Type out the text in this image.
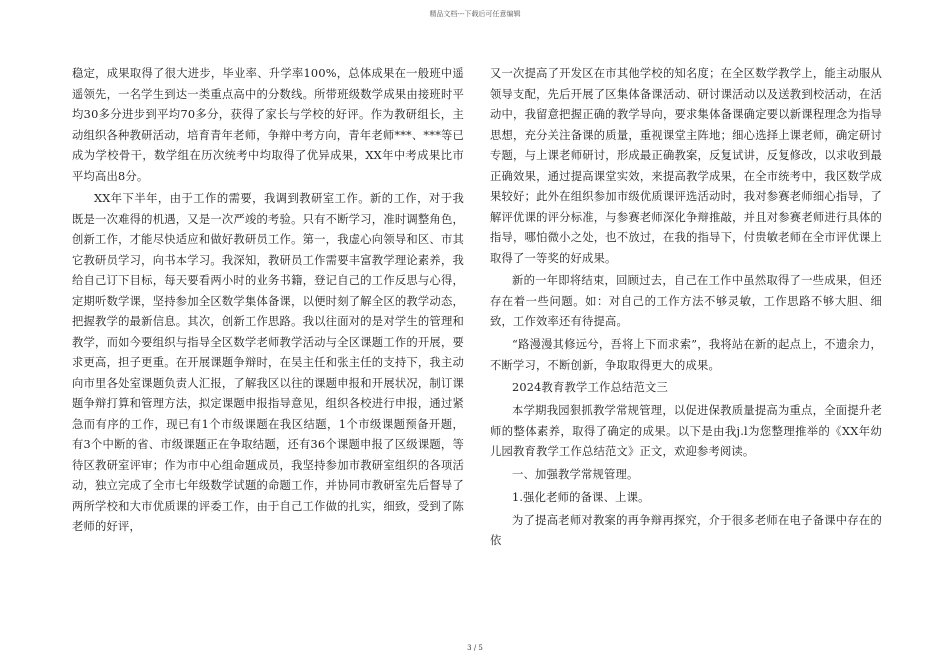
精品文档---下载后可任意编辑

稳定，成果取得了很大进步，毕业率、升学率100%，总体成果在一般班中遥遥领先，一名学生到达一类重点高中的分数线。所带班级数学成果由接班时平均30多分进步到平均70多分，获得了家长与学校的好评。作为教研组长，主动组织各种教研活动，培育青年老师，争辩中考方向，青年老师***、***等已成为学校骨干，数学组在历次统考中均取得了优异成果，XX年中考成果比市平均高出8分。

XX年下半年，由于工作的需要，我调到教研室工作。新的工作，对于我既是一次难得的机遇，又是一次严竣的考验。只有不断学习，准时调整角色，创新工作，才能尽快适应和做好教研员工作。第一，我虚心向领导和区、市其它教研员学习，向书本学习。我深知，教研员工作需要丰富教学理论素养，我给自己订下目标，每天要看两小时的业务书籍，登记自己的工作反思与心得，定期听数学课，坚持参加全区数学集体备课，以便时刻了解全区的教学动态，把握教学的最新信息。其次，创新工作思路。我以往面对的是对学生的管理和教学，而如今要组织与指导全区数学老师教学活动与全区课题工作的开展，要求更高，担子更重。在开展课题争辩时，在吴主任和张主任的支持下，我主动向市里各处室课题负责人汇报，了解我区以往的课题申报和开展状况，制订课题争辩打算和管理方法，拟定课题申报指导意见，组织各校进行申报，通过紧急而有序的工作，现已有1个市级课题在我区结题，1个市级课题预备开题，有3个中断的省、市级课题正在争取结题，还有36个课题申报了区级课题，等待区教研室评审；作为市中心组命题成员，我坚持参加市教研室组织的各项活动，独立完成了全市七年级数学试题的命题工作，并协同市教研室先后督导了两所学校和大市优质课的评委工作，由于自己工作做的扎实，细致，受到了陈老师的好评，

又一次提高了开发区在市其他学校的知名度；在全区数学教学上，能主动服从领导支配，先后开展了区集体备课活动、研讨课活动以及送教到校活动，在活动中，我留意把握正确的教学导向，要求集体备课确定要以新课程理念为指导思想，充分关注备课的质量，重视课堂主阵地；细心选择上课老师，确定研讨专题，与上课老师研讨，形成最正确教案，反复试讲，反复修改，以求收到最正确效果，通过提高课堂实效，来提高教学成果，在全市统考中，我区数学成果较好；此外在组织参加市级优质课评选活动时，我对参赛老师细心指导，了解评优课的评分标准，与参赛老师深化争辩推敲，并且对参赛老师进行具体的指导，哪怕微小之处，也不放过，在我的指导下，付贵敏老师在全市评优课上取得了一等奖的好成果。

新的一年即将结束，回顾过去，自己在工作中虽然取得了一些成果，但还存在着一些问题。如：对自己的工作方法不够灵敏，工作思路不够大胆、细致，工作效率还有待提高。

“路漫漫其修远兮，吾将上下而求索”，我将站在新的起点上，不遗余力，不断学习，不断创新，争取取得更大的成果。

2024教育教学工作总结范文三

本学期我园狠抓教学常规管理，以促进保教质量提高为重点，全面提升老师的整体素养，取得了确定的成果。以下是由我j.l为您整理推举的《XX年幼儿园教育教学工作总结范文》正文，欢迎参考阅读。

一、加强教学常规管理。

1.强化老师的备课、上课。

为了提高老师对教案的再争辩再探究，介于很多老师在电子备课中存在的依

3 / 5
